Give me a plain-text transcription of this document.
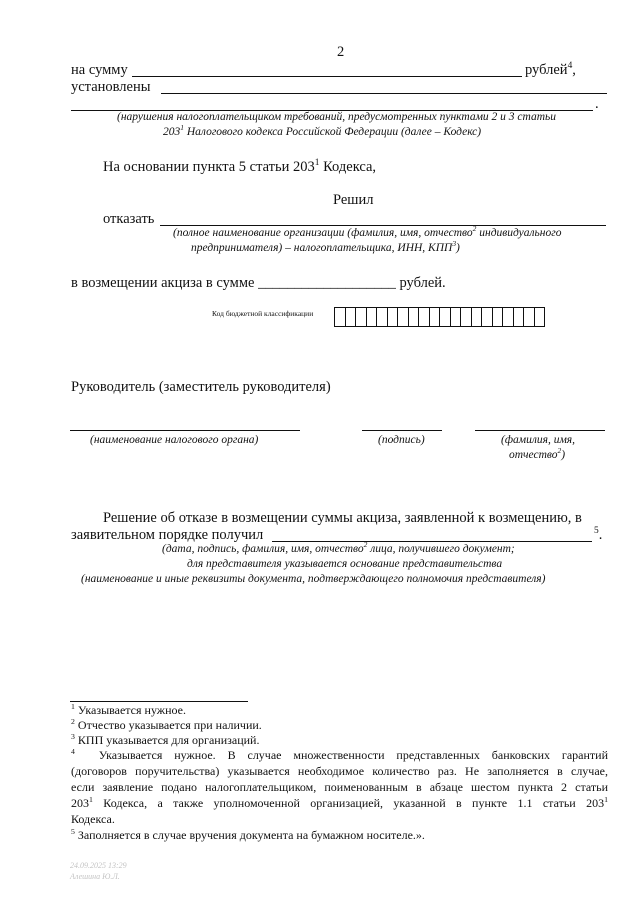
2
на сумму	рублей$^4$,
установлены
.
(нарушения налогоплательщиком требований, предусмотренных пунктами 2 и 3 статьи
$203^1$ Налогового кодекса Российской Федерации (далее – Кодекс)
На основании пункта 5 статьи $203^1$ Кодекса,
Решил
отказать
(полное наименование организации (фамилия, имя, отчество$^2$ индивидуального
предпринимателя) – налогоплательщика, ИНН, КПП$^3$)
в возмещении акциза в сумме ___________________ рублей.
Код бюджетной классификации
Руководитель (заместитель руководителя)
(наименование налогового органа)	(подпись)	(фамилия, имя,
отчество$^2$)
Решение об отказе в возмещении суммы акциза, заявленной к возмещению, в
заявительном порядке получил	$^5$.
(дата, подпись, фамилия, имя, отчество$^2$ лица, получившего документ;
для представителя указывается основание представительства
(наименование и иные реквизиты документа, подтверждающего полномочия представителя)
$^1$ Указывается нужное.
$^2$ Отчество указывается при наличии.
$^3$ КПП указывается для организаций.
$^4$ Указывается нужное. В случае множественности представленных банковских гарантий
(договоров поручительства) указывается необходимое количество раз. Не заполняется в случае,
если заявление подано налогоплательщиком, поименованным в абзаце шестом пункта 2 статьи
$203^1$ Кодекса, а также уполномоченной организацией, указанной в пункте 1.1 статьи $203^1$
Кодекса.
$^5$ Заполняется в случае вручения документа на бумажном носителе.».
24.09.2025 13:29
Алешина Ю.Л.
